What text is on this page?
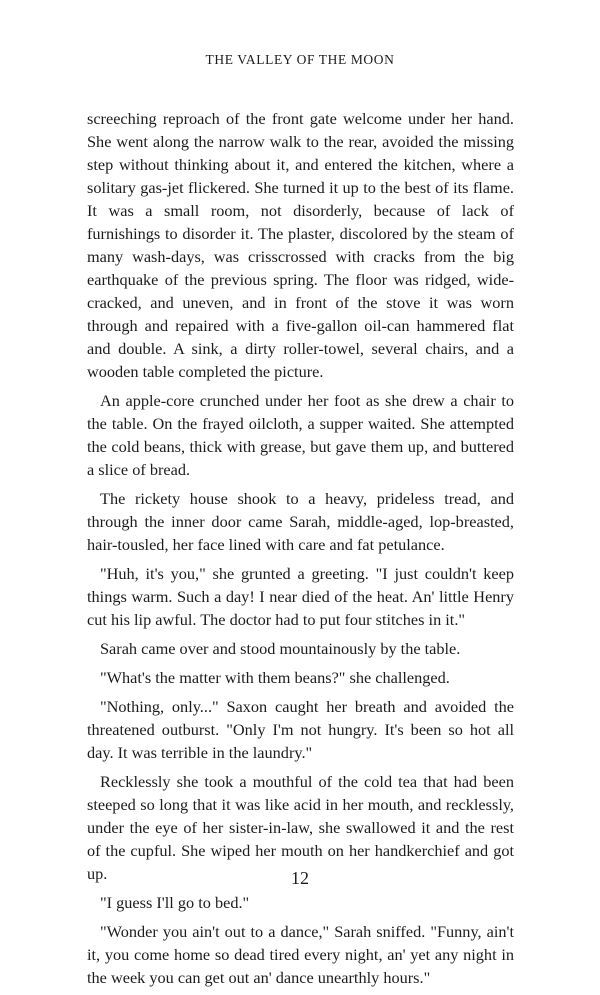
THE VALLEY OF THE MOON

screeching reproach of the front gate welcome under her hand. She went along the narrow walk to the rear, avoided the missing step without thinking about it, and entered the kitchen, where a solitary gas-jet flickered. She turned it up to the best of its flame. It was a small room, not disorderly, because of lack of furnishings to disorder it. The plaster, discolored by the steam of many wash-days, was crisscrossed with cracks from the big earthquake of the previous spring. The floor was ridged, wide-cracked, and uneven, and in front of the stove it was worn through and repaired with a five-gallon oil-can hammered flat and double. A sink, a dirty roller-towel, several chairs, and a wooden table completed the picture.

An apple-core crunched under her foot as she drew a chair to the table. On the frayed oilcloth, a supper waited. She attempted the cold beans, thick with grease, but gave them up, and buttered a slice of bread.

The rickety house shook to a heavy, prideless tread, and through the inner door came Sarah, middle-aged, lop-breasted, hair-tousled, her face lined with care and fat petulance.

"Huh, it's you," she grunted a greeting. "I just couldn't keep things warm. Such a day! I near died of the heat. An' little Henry cut his lip awful. The doctor had to put four stitches in it."

Sarah came over and stood mountainously by the table.

"What's the matter with them beans?" she challenged.

"Nothing, only..." Saxon caught her breath and avoided the threatened outburst. "Only I'm not hungry. It's been so hot all day. It was terrible in the laundry."

Recklessly she took a mouthful of the cold tea that had been steeped so long that it was like acid in her mouth, and recklessly, under the eye of her sister-in-law, she swallowed it and the rest of the cupful. She wiped her mouth on her handkerchief and got up.

"I guess I'll go to bed."

"Wonder you ain't out to a dance," Sarah sniffed. "Funny, ain't it, you come home so dead tired every night, an' yet any night in the week you can get out an' dance unearthly hours."

12
